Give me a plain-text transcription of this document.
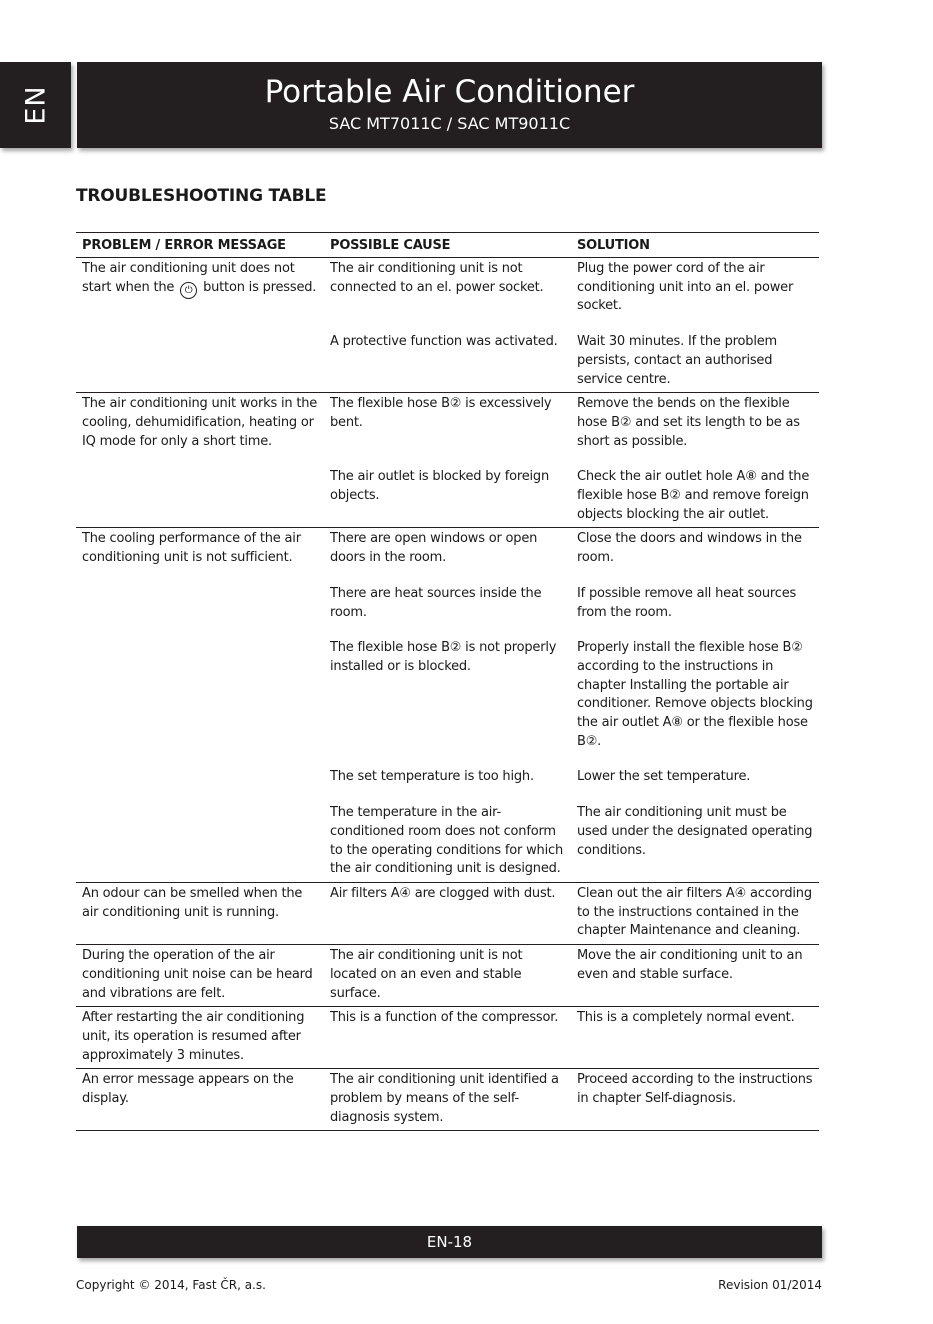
EN	Portable Air Conditioner
SAC MT7011C / SAC MT9011C
TROUBLESHOOTING TABLE
PROBLEM / ERROR MESSAGE	POSSIBLE CAUSE	SOLUTION
The air conditioning unit does not start when the ⏻ button is pressed.	The air conditioning unit is not connected to an el. power socket.	Plug the power cord of the air conditioning unit into an el. power socket.
	A protective function was activated.	Wait 30 minutes. If the problem persists, contact an authorised service centre.
The air conditioning unit works in the cooling, dehumidification, heating or IQ mode for only a short time.	The flexible hose B② is excessively bent.	Remove the bends on the flexible hose B② and set its length to be as short as possible.
	The air outlet is blocked by foreign objects.	Check the air outlet hole A⑧ and the flexible hose B② and remove foreign objects blocking the air outlet.
The cooling performance of the air conditioning unit is not sufficient.	There are open windows or open doors in the room.	Close the doors and windows in the room.
	There are heat sources inside the room.	If possible remove all heat sources from the room.
	The flexible hose B② is not properly installed or is blocked.	Properly install the flexible hose B② according to the instructions in chapter Installing the portable air conditioner. Remove objects blocking the air outlet A⑧ or the flexible hose B②.
	The set temperature is too high.	Lower the set temperature.
	The temperature in the air-conditioned room does not conform to the operating conditions for which the air conditioning unit is designed.	The air conditioning unit must be used under the designated operating conditions.
An odour can be smelled when the air conditioning unit is running.	Air filters A④ are clogged with dust.	Clean out the air filters A④ according to the instructions contained in the chapter Maintenance and cleaning.
During the operation of the air conditioning unit noise can be heard and vibrations are felt.	The air conditioning unit is not located on an even and stable surface.	Move the air conditioning unit to an even and stable surface.
After restarting the air conditioning unit, its operation is resumed after approximately 3 minutes.	This is a function of the compressor.	This is a completely normal event.
An error message appears on the display.	The air conditioning unit identified a problem by means of the self-diagnosis system.	Proceed according to the instructions in chapter Self-diagnosis.
EN-18
Copyright © 2014, Fast ČR, a.s.	Revision 01/2014
